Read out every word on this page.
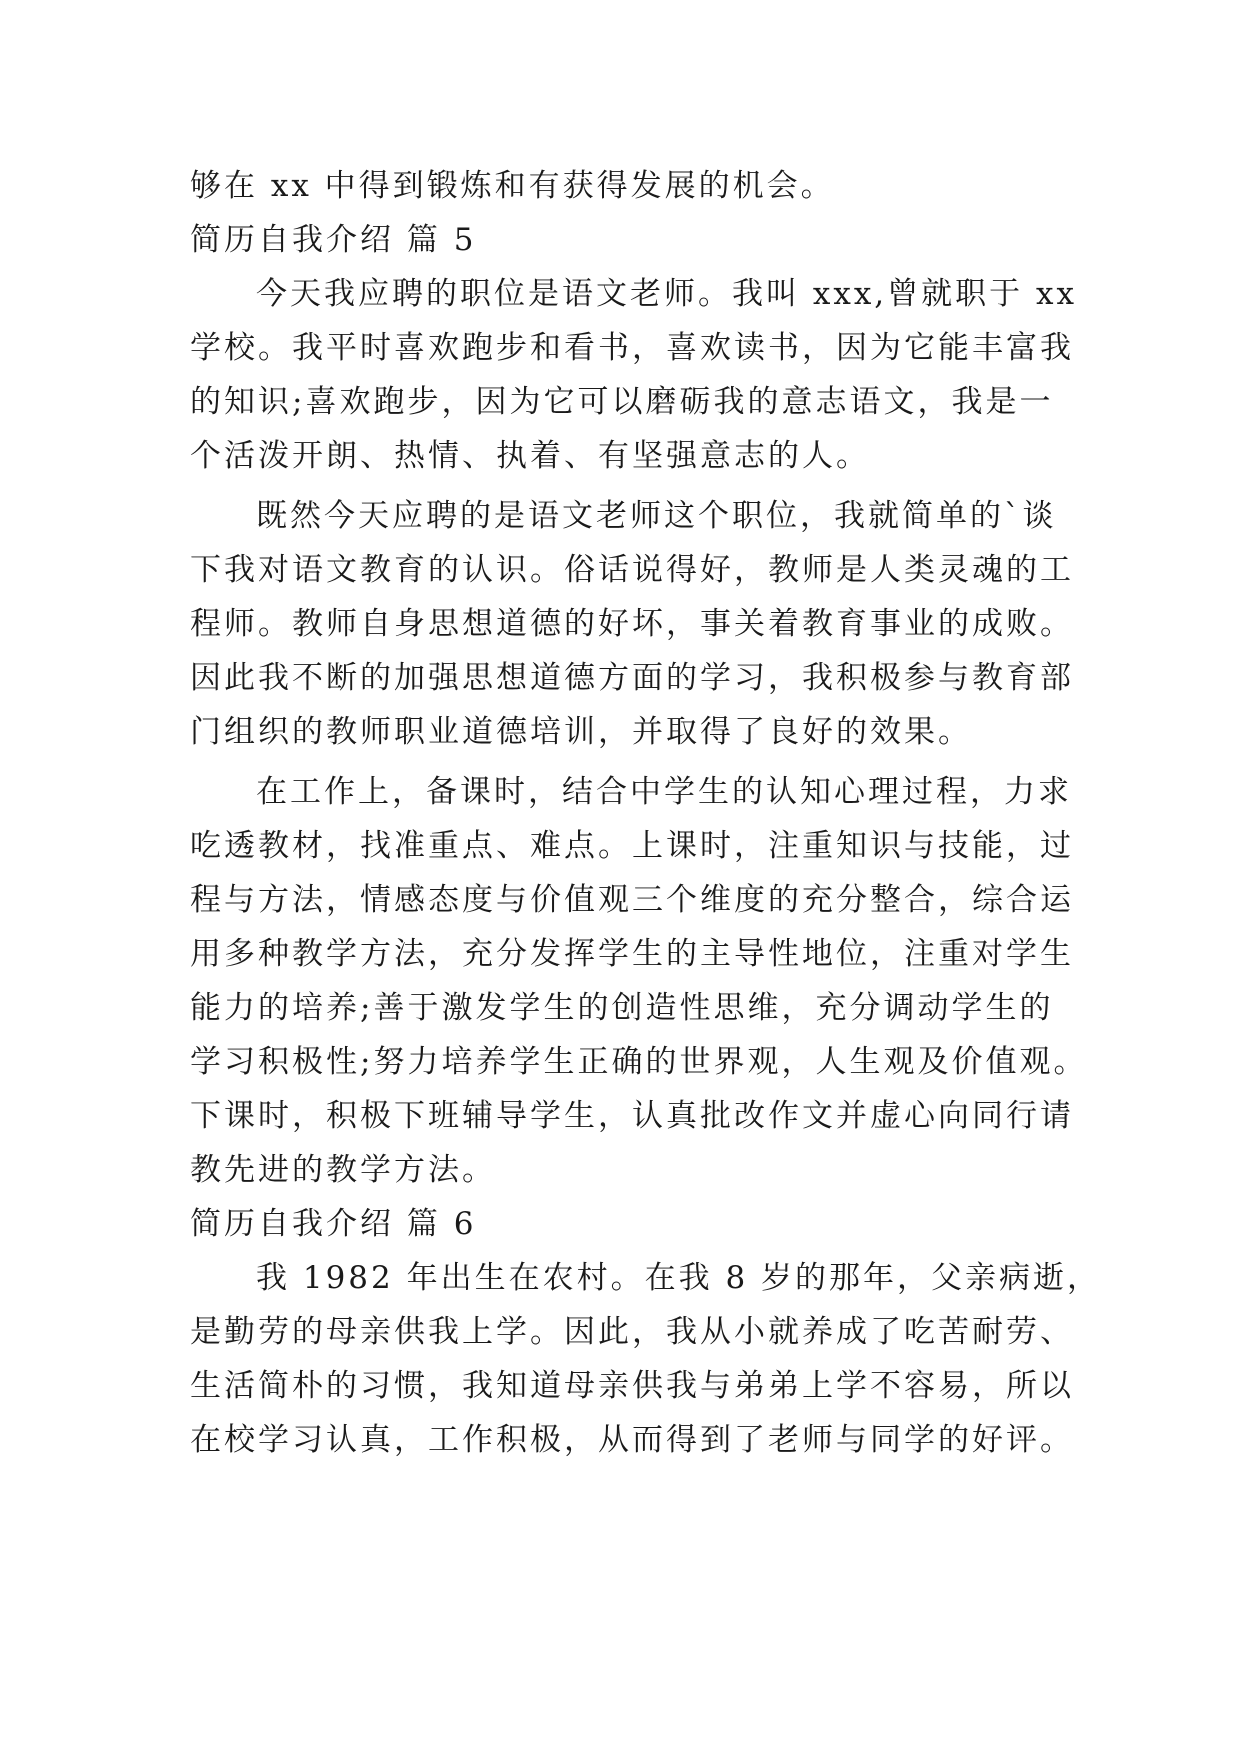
够在 xx 中得到锻炼和有获得发展的机会。
简历自我介绍 篇 5
今天我应聘的职位是语文老师。我叫 xxx,曾就职于 xx
学校。我平时喜欢跑步和看书，喜欢读书，因为它能丰富我
的知识;喜欢跑步，因为它可以磨砺我的意志语文，我是一
个活泼开朗、热情、执着、有坚强意志的人。
既然今天应聘的是语文老师这个职位，我就简单的`谈
下我对语文教育的认识。俗话说得好，教师是人类灵魂的工
程师。教师自身思想道德的好坏，事关着教育事业的成败。
因此我不断的加强思想道德方面的学习，我积极参与教育部
门组织的教师职业道德培训，并取得了良好的效果。
在工作上，备课时，结合中学生的认知心理过程，力求
吃透教材，找准重点、难点。上课时，注重知识与技能，过
程与方法，情感态度与价值观三个维度的充分整合，综合运
用多种教学方法，充分发挥学生的主导性地位，注重对学生
能力的培养;善于激发学生的创造性思维，充分调动学生的
学习积极性;努力培养学生正确的世界观，人生观及价值观。
下课时，积极下班辅导学生，认真批改作文并虚心向同行请
教先进的教学方法。
简历自我介绍 篇 6
我 1982 年出生在农村。在我 8 岁的那年，父亲病逝，
是勤劳的母亲供我上学。因此，我从小就养成了吃苦耐劳、
生活简朴的习惯，我知道母亲供我与弟弟上学不容易，所以
在校学习认真，工作积极，从而得到了老师与同学的好评。
